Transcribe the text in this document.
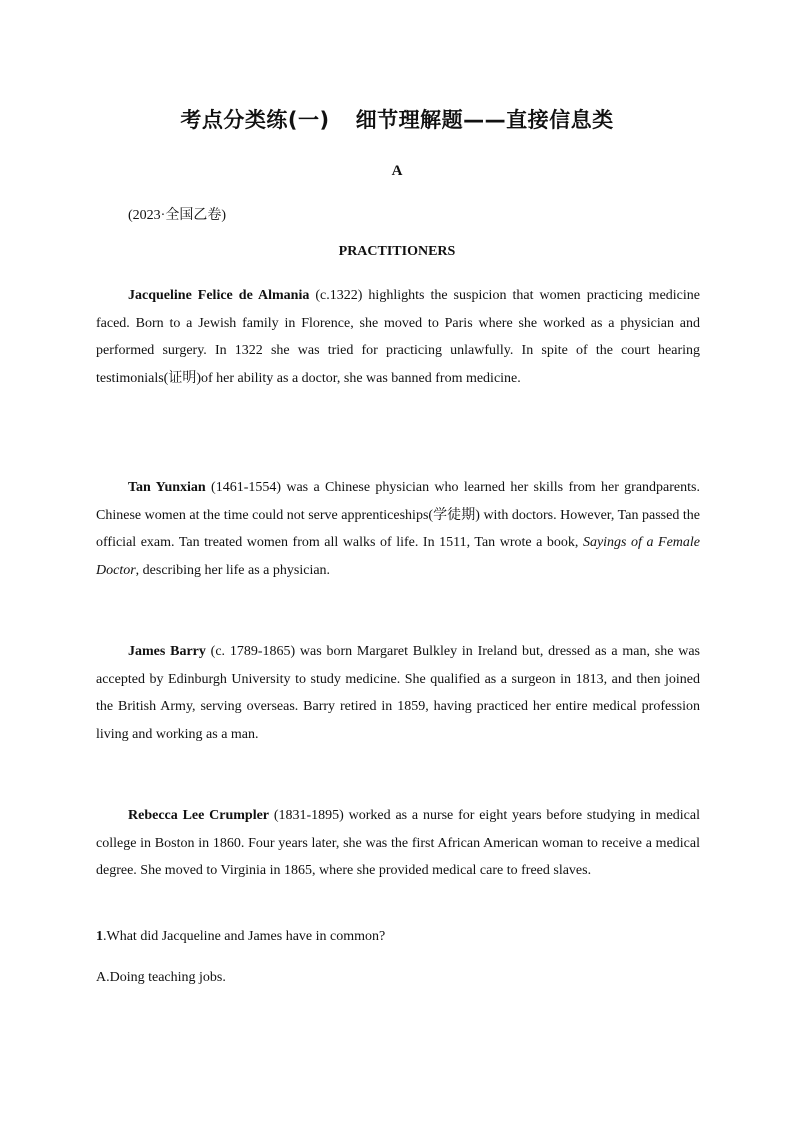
考点分类练(一) 细节理解题——直接信息类
A
(2023·全国乙卷)
PRACTITIONERS

Jacqueline Felice de Almania (c.1322) highlights the suspicion that women practicing medicine faced. Born to a Jewish family in Florence, she moved to Paris where she worked as a physician and performed surgery. In 1322 she was tried for practicing unlawfully. In spite of the court hearing testimonials(证明)of her ability as a doctor, she was banned from medicine.

Tan Yunxian (1461-1554) was a Chinese physician who learned her skills from her grandparents. Chinese women at the time could not serve apprenticeships(学徒期) with doctors. However, Tan passed the official exam. Tan treated women from all walks of life. In 1511, Tan wrote a book, Sayings of a Female Doctor, describing her life as a physician.

James Barry (c. 1789-1865) was born Margaret Bulkley in Ireland but, dressed as a man, she was accepted by Edinburgh University to study medicine. She qualified as a surgeon in 1813, and then joined the British Army, serving overseas. Barry retired in 1859, having practiced her entire medical profession living and working as a man.

Rebecca Lee Crumpler (1831-1895) worked as a nurse for eight years before studying in medical college in Boston in 1860. Four years later, she was the first African American woman to receive a medical degree. She moved to Virginia in 1865, where she provided medical care to freed slaves.

1.What did Jacqueline and James have in common?
A.Doing teaching jobs.
